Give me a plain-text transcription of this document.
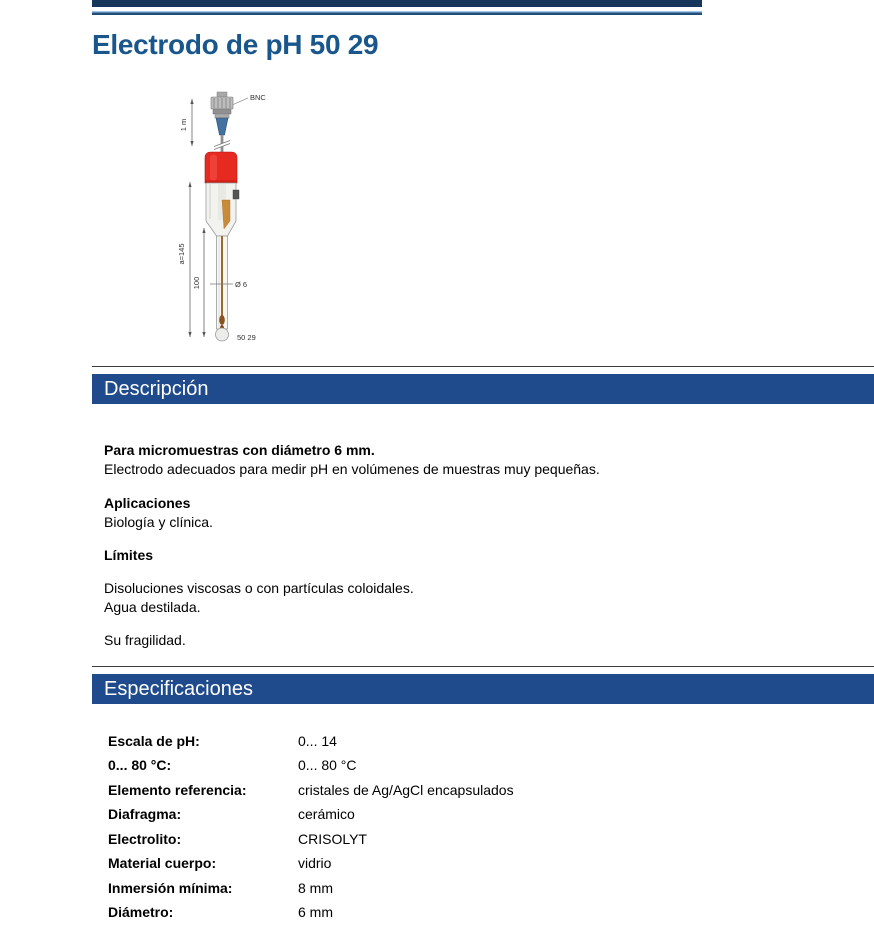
Electrodo de pH 50 29
1 m
a=145
100
BNC
Ø 6
50 29
Descripción
Para micromuestras con diámetro 6 mm.
Electrodo adecuados para medir pH en volúmenes de muestras muy pequeñas.
Aplicaciones
Biología y clínica.
Límites
Disoluciones viscosas o con partículas coloidales.
Agua destilada.
Su fragilidad.
Especificaciones
Escala de pH:	0... 14
0... 80 °C:	0... 80 °C
Elemento referencia:	cristales de Ag/AgCl encapsulados
Diafragma:	cerámico
Electrolito:	CRISOLYT
Material cuerpo:	vidrio
Inmersión mínima:	8 mm
Diámetro:	6 mm
